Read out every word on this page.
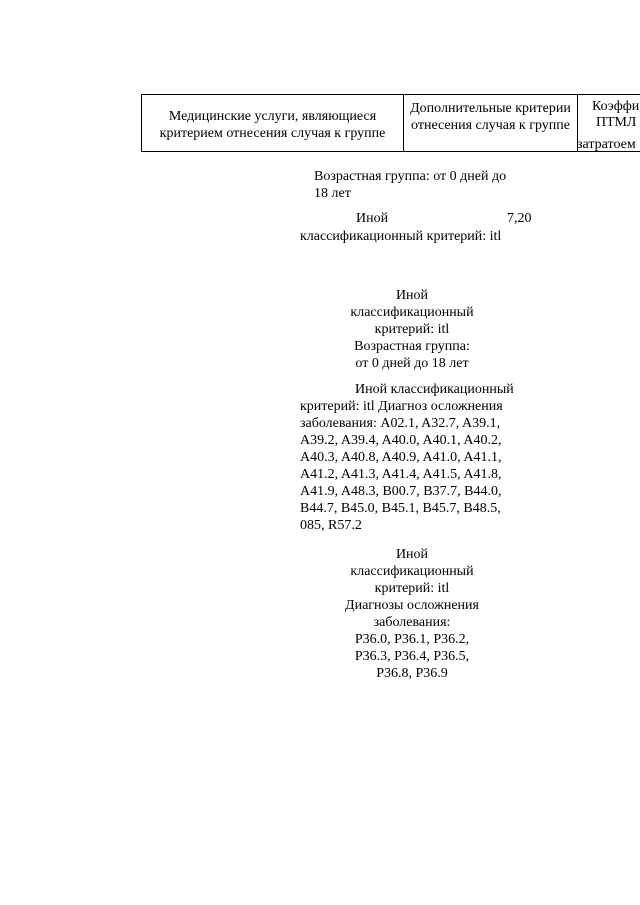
Медицинские услуги, являющиеся критерием отнесения случая к группе
Дополнительные критерии отнесения случая к группе
Коэффи
ПТМЛ
затратоем
Возрастная группа: от 0 дней до
18 лет
Иной	7,20
классификационный критерий: itl
Иной
классификационный
критерий: itl
Возрастная группа:
от 0 дней до 18 лет
Иной классификационный
критерий: itl Диагноз осложнения
заболевания: A02.1, A32.7, A39.1,
A39.2, A39.4, A40.0, A40.1, A40.2,
A40.3, A40.8, A40.9, A41.0, A41.1,
A41.2, A41.3, A41.4, A41.5, A41.8,
A41.9, A48.3, B00.7, B37.7, B44.0,
B44.7, B45.0, B45.1, B45.7, B48.5,
085, R57.2
Иной
классификационный
критерий: itl
Диагнозы осложнения
заболевания:
P36.0, P36.1, P36.2,
P36.3, P36.4, P36.5,
P36.8, P36.9
